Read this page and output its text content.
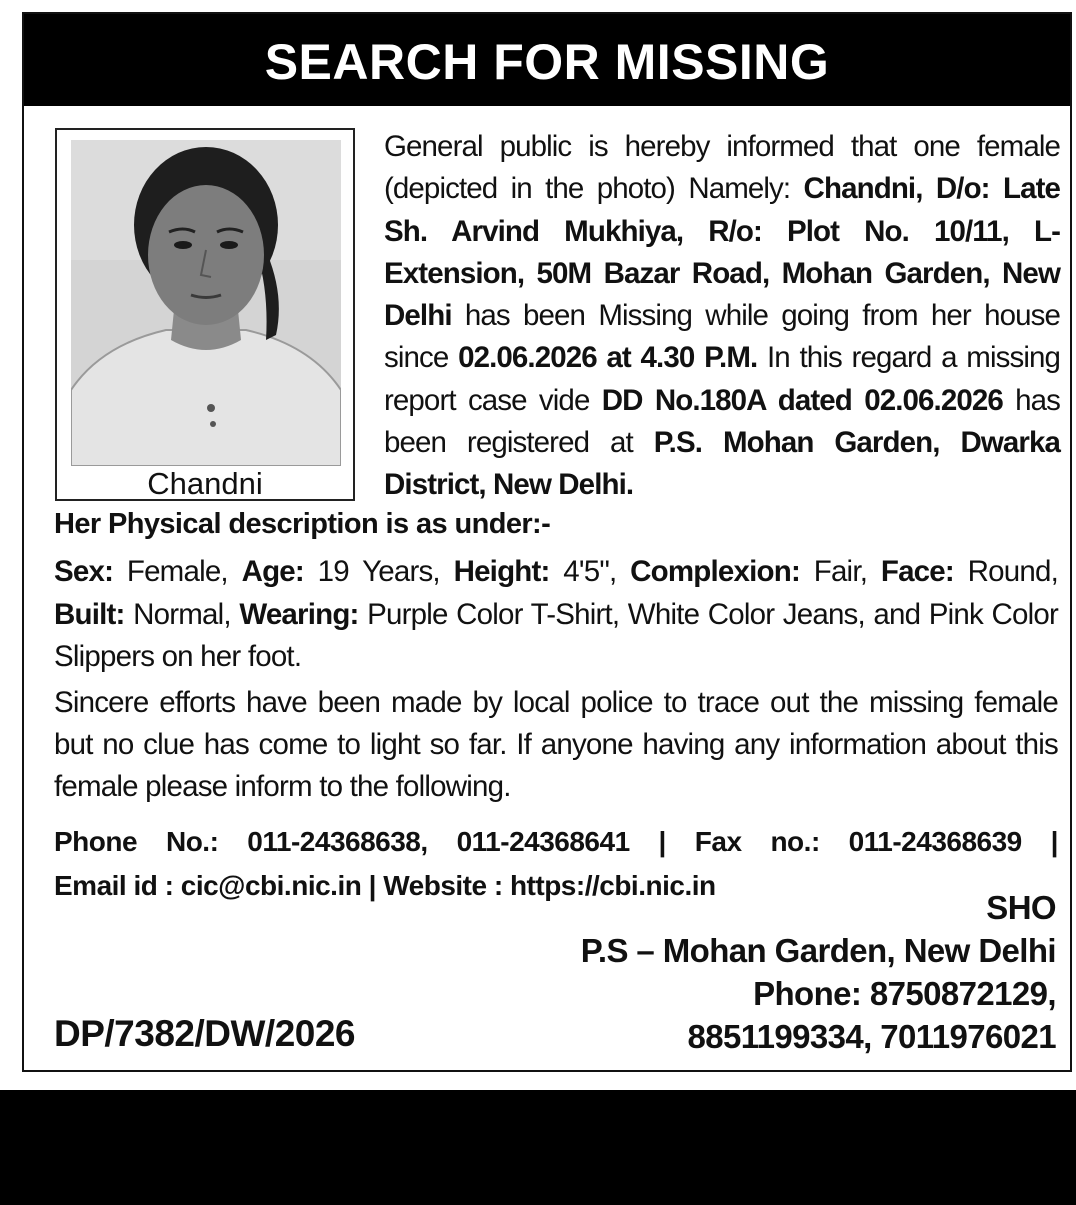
SEARCH FOR MISSING
Chandni
General public is hereby informed that one female (depicted in the photo) Namely: Chandni, D/o: Late Sh. Arvind Mukhiya, R/o: Plot No. 10/11, L-Extension, 50M Bazar Road, Mohan Garden, New Delhi has been Missing while going from her house since 02.06.2026 at 4.30 P.M. In this regard a missing report case vide DD No.180A dated 02.06.2026 has been registered at P.S. Mohan Garden, Dwarka District, New Delhi.
Her Physical description is as under:-
Sex: Female, Age: 19 Years, Height: 4'5", Complexion: Fair, Face: Round, Built: Normal, Wearing: Purple Color T-Shirt, White Color Jeans, and Pink Color Slippers on her foot.
Sincere efforts have been made by local police to trace out the missing female but no clue has come to light so far. If anyone having any information about this female please inform to the following.
Phone No.: 011-24368638, 011-24368641 | Fax no.: 011-24368639 |
Email id : cic@cbi.nic.in | Website : https://cbi.nic.in
SHO
P.S – Mohan Garden, New Delhi
Phone: 8750872129,
8851199334, 7011976021
DP/7382/DW/2026
